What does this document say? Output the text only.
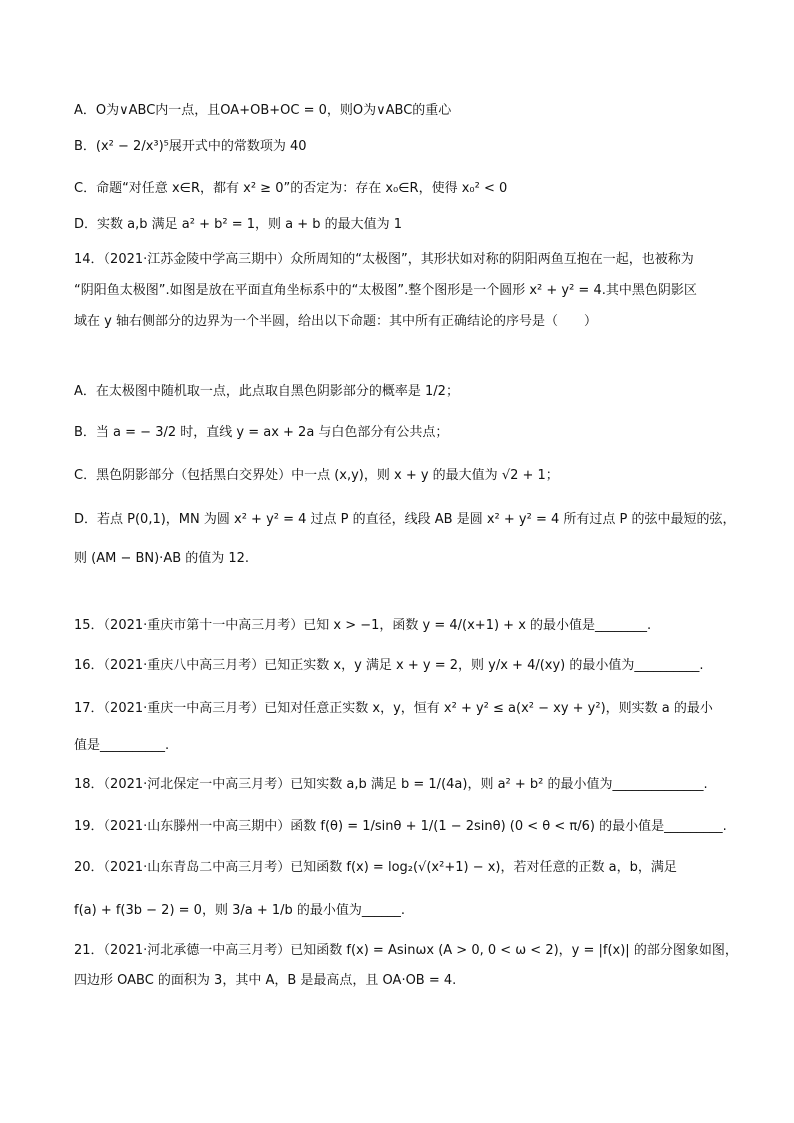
A．O为∨ABC内一点，且OA+OB+OC = 0，则O为∨ABC的重心
B．(x² − 2/x³)⁵展开式中的常数项为 40
C．命题“对任意 x∈R，都有 x² ≥ 0”的否定为：存在 x₀∈R，使得 x₀² < 0
D．实数 a,b 满足 a² + b² = 1，则 a + b 的最大值为 1
14．（2021·江苏金陵中学高三期中）众所周知的“太极图”，其形状如对称的阴阳两鱼互抱在一起，也被称为
“阴阳鱼太极图”.如图是放在平面直角坐标系中的“太极图”.整个图形是一个圆形 x² + y² = 4.其中黑色阴影区
域在 y 轴右侧部分的边界为一个半圆，给出以下命题：其中所有正确结论的序号是（　　）
A．在太极图中随机取一点，此点取自黑色阴影部分的概率是 1/2；
B．当 a = − 3/2 时，直线 y = ax + 2a 与白色部分有公共点；
C．黑色阴影部分（包括黑白交界处）中一点 (x,y)，则 x + y 的最大值为 √2 + 1；
D．若点 P(0,1)，MN 为圆 x² + y² = 4 过点 P 的直径，线段 AB 是圆 x² + y² = 4 所有过点 P 的弦中最短的弦，
则 (AM − BN)·AB 的值为 12.
15．（2021·重庆市第十一中高三月考）已知 x > −1，函数 y = 4/(x+1) + x 的最小值是________.
16．（2021·重庆八中高三月考）已知正实数 x，y 满足 x + y = 2，则 y/x + 4/(xy) 的最小值为__________.
17．（2021·重庆一中高三月考）已知对任意正实数 x，y，恒有 x² + y² ≤ a(x² − xy + y²)，则实数 a 的最小
值是__________.
18．（2021·河北保定一中高三月考）已知实数 a,b 满足 b = 1/(4a)，则 a² + b² 的最小值为______________.
19．（2021·山东滕州一中高三期中）函数 f(θ) = 1/sinθ + 1/(1 − 2sinθ) (0 < θ < π/6) 的最小值是_________.
20．（2021·山东青岛二中高三月考）已知函数 f(x) = log₂(√(x²+1) − x)，若对任意的正数 a，b，满足
f(a) + f(3b − 2) = 0，则 3/a + 1/b 的最小值为______.
21．（2021·河北承德一中高三月考）已知函数 f(x) = Asinωx (A > 0, 0 < ω < 2)，y = |f(x)| 的部分图象如图，
四边形 OABC 的面积为 3，其中 A，B 是最高点，且 OA·OB = 4.
